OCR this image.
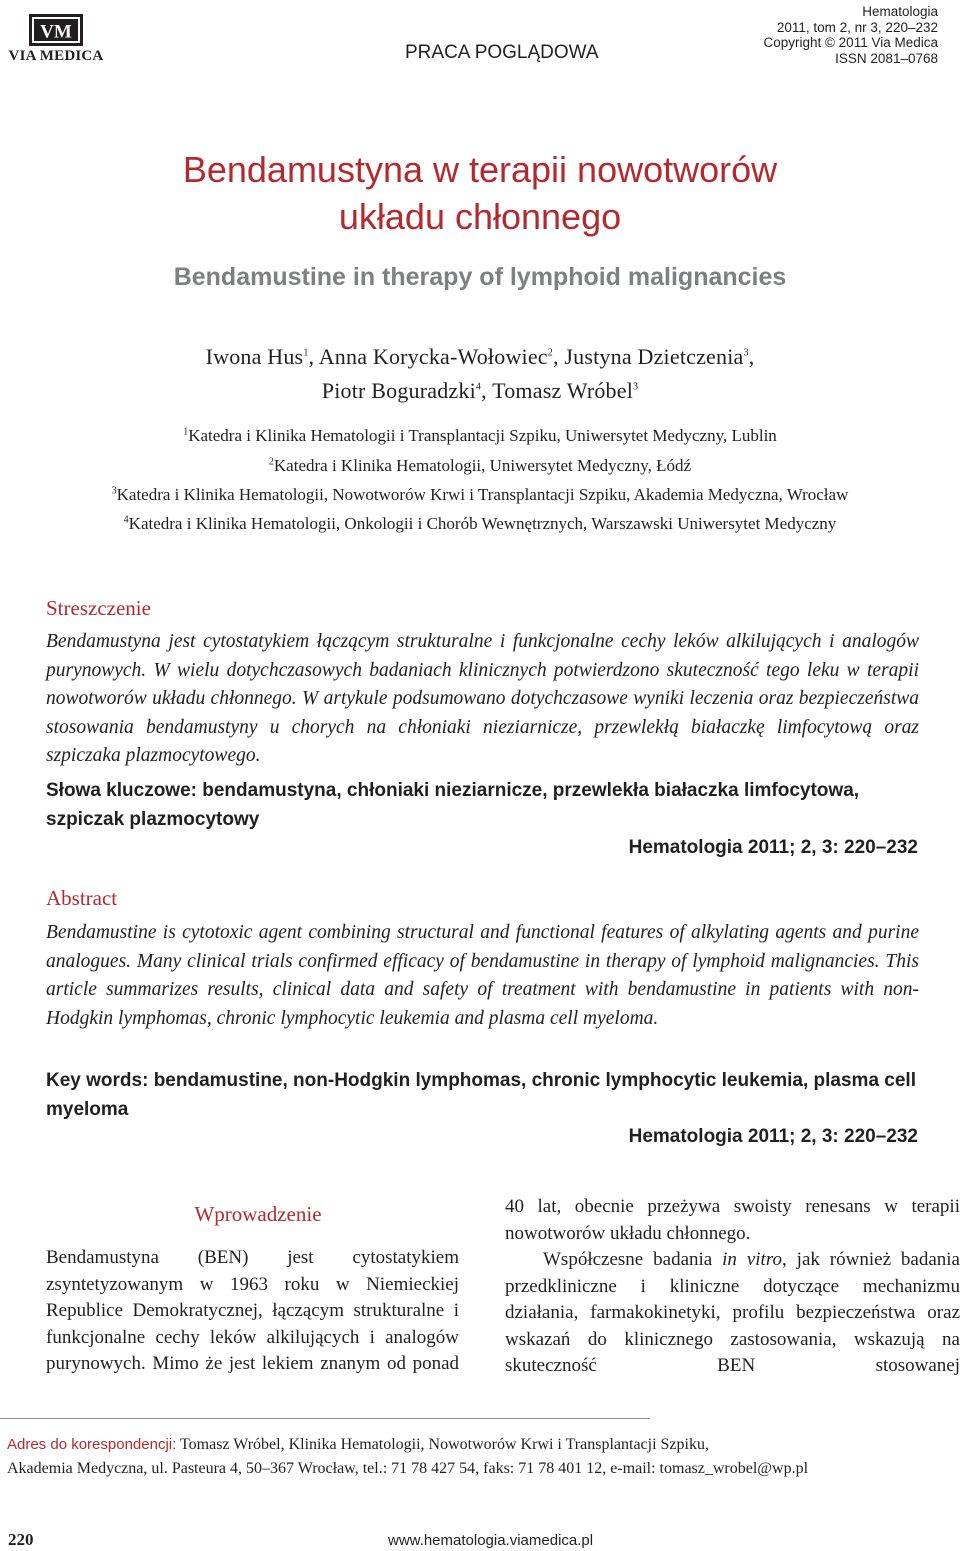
VM
VIA MEDICA	PRACA POGLĄDOWA
Hematologia
2011, tom 2, nr 3, 220–232
Copyright © 2011 Via Medica
ISSN 2081–0768
Bendamustyna w terapii nowotworów
układu chłonnego
Bendamustine in therapy of lymphoid malignancies
Iwona Hus$^1$, Anna Korycka-Wołowiec$^2$, Justyna Dzietczenia$^3$,
Piotr Boguradzki$^4$, Tomasz Wróbel$^3$
$^1$Katedra i Klinika Hematologii i Transplantacji Szpiku, Uniwersytet Medyczny, Lublin
$^2$Katedra i Klinika Hematologii, Uniwersytet Medyczny, Łódź
$^3$Katedra i Klinika Hematologii, Nowotworów Krwi i Transplantacji Szpiku, Akademia Medyczna, Wrocław
$^4$Katedra i Klinika Hematologii, Onkologii i Chorób Wewnętrznych, Warszawski Uniwersytet Medyczny
Streszczenie
Bendamustyna jest cytostatykiem łączącym strukturalne i funkcjonalne cechy leków alkilujących i analogów purynowych. W wielu dotychczasowych badaniach klinicznych potwierdzono skuteczność tego leku w terapii nowotworów układu chłonnego. W artykule podsumowano dotychczasowe wyniki leczenia oraz bezpieczeństwa stosowania bendamustyny u chorych na chłoniaki nieziarnicze, przewlekłą białaczkę limfocytową oraz szpiczaka plazmocytowego.
Słowa kluczowe: bendamustyna, chłoniaki nieziarnicze, przewlekła białaczka limfocytowa, szpiczak plazmocytowy
Hematologia 2011; 2, 3: 220–232
Abstract
Bendamustine is cytotoxic agent combining structural and functional features of alkylating agents and purine analogues. Many clinical trials confirmed efficacy of bendamustine in therapy of lymphoid malignancies. This article summarizes results, clinical data and safety of treatment with bendamustine in patients with non-Hodgkin lymphomas, chronic lymphocytic leukemia and plasma cell myeloma.
Key words: bendamustine, non-Hodgkin lymphomas, chronic lymphocytic leukemia, plasma cell myeloma
Hematologia 2011; 2, 3: 220–232
Wprowadzenie

Bendamustyna (BEN) jest cytostatykiem zsyntetyzowanym w 1963 roku w Niemieckiej Republice Demokratycznej, łączącym strukturalne i funkcjonalne cechy leków alkilujących i analogów purynowych. Mimo że jest lekiem znanym od ponad

40 lat, obecnie przeżywa swoisty renesans w terapii nowotworów układu chłonnego.

Współczesne badania in vitro, jak również badania przedkliniczne i kliniczne dotyczące mechanizmu działania, farmakokinetyki, profilu bezpieczeństwa oraz wskazań do klinicznego zastosowania, wskazują na skuteczność BEN stosowanej

Adres do korespondencji: Tomasz Wróbel, Klinika Hematologii, Nowotworów Krwi i Transplantacji Szpiku,
Akademia Medyczna, ul. Pasteura 4, 50–367 Wrocław, tel.: 71 78 427 54, faks: 71 78 401 12, e-mail: tomasz_wrobel@wp.pl
220	www.hematologia.viamedica.pl
